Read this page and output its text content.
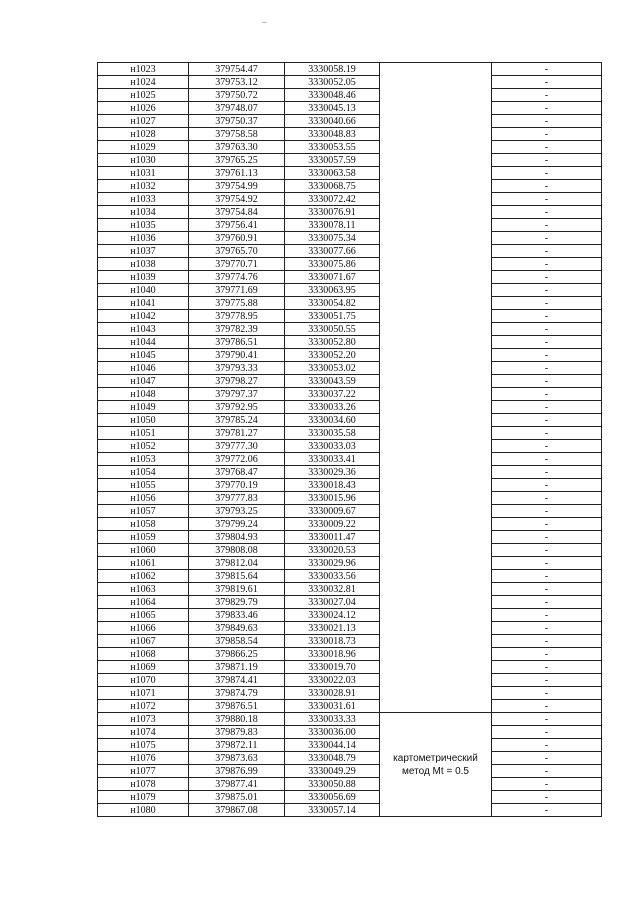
н1023	379754.47	3330058.19		-
н1024	379753.12	3330052.05		-
н1025	379750.72	3330048.46		-
н1026	379748.07	3330045.13		-
н1027	379750.37	3330040.66		-
н1028	379758.58	3330048.83		-
н1029	379763.30	3330053.55		-
н1030	379765.25	3330057.59		-
н1031	379761.13	3330063.58		-
н1032	379754.99	3330068.75		-
н1033	379754.92	3330072.42		-
н1034	379754.84	3330076.91		-
н1035	379756.41	3330078.11		-
н1036	379760.91	3330075.34		-
н1037	379765.70	3330077.66		-
н1038	379770.71	3330075.86		-
н1039	379774.76	3330071.67		-
н1040	379771.69	3330063.95		-
н1041	379775.88	3330054.82		-
н1042	379778.95	3330051.75		-
н1043	379782.39	3330050.55		-
н1044	379786.51	3330052.80		-
н1045	379790.41	3330052.20		-
н1046	379793.33	3330053.02		-
н1047	379798.27	3330043.59		-
н1048	379797.37	3330037.22		-
н1049	379792.95	3330033.26		-
н1050	379785.24	3330034.60		-
н1051	379781.27	3330035.58		-
н1052	379777.30	3330033.03		-
н1053	379772.06	3330033.41		-
н1054	379768.47	3330029.36		-
н1055	379770.19	3330018.43		-
н1056	379777.83	3330015.96		-
н1057	379793.25	3330009.67		-
н1058	379799.24	3330009.22		-
н1059	379804.93	3330011.47		-
н1060	379808.08	3330020.53		-
н1061	379812.04	3330029.96		-
н1062	379815.64	3330033.56		-
н1063	379819.61	3330032.81		-
н1064	379829.79	3330027.04		-
н1065	379833.46	3330024.12		-
н1066	379849.63	3330021.13		-
н1067	379858.54	3330018.73		-
н1068	379866.25	3330018.96		-
н1069	379871.19	3330019.70		-
н1070	379874.41	3330022.03		-
н1071	379874.79	3330028.91		-
н1072	379876.51	3330031.61		-
н1073	379880.18	3330033.33	картометрический метод Mt = 0.5	-
н1074	379879.83	3330036.00		-
н1075	379872.11	3330044.14		-
н1076	379873.63	3330048.79		-
н1077	379876.99	3330049.29		-
н1078	379877.41	3330050.88		-
н1079	379875.01	3330056.69		-
н1080	379867.08	3330057.14		-
